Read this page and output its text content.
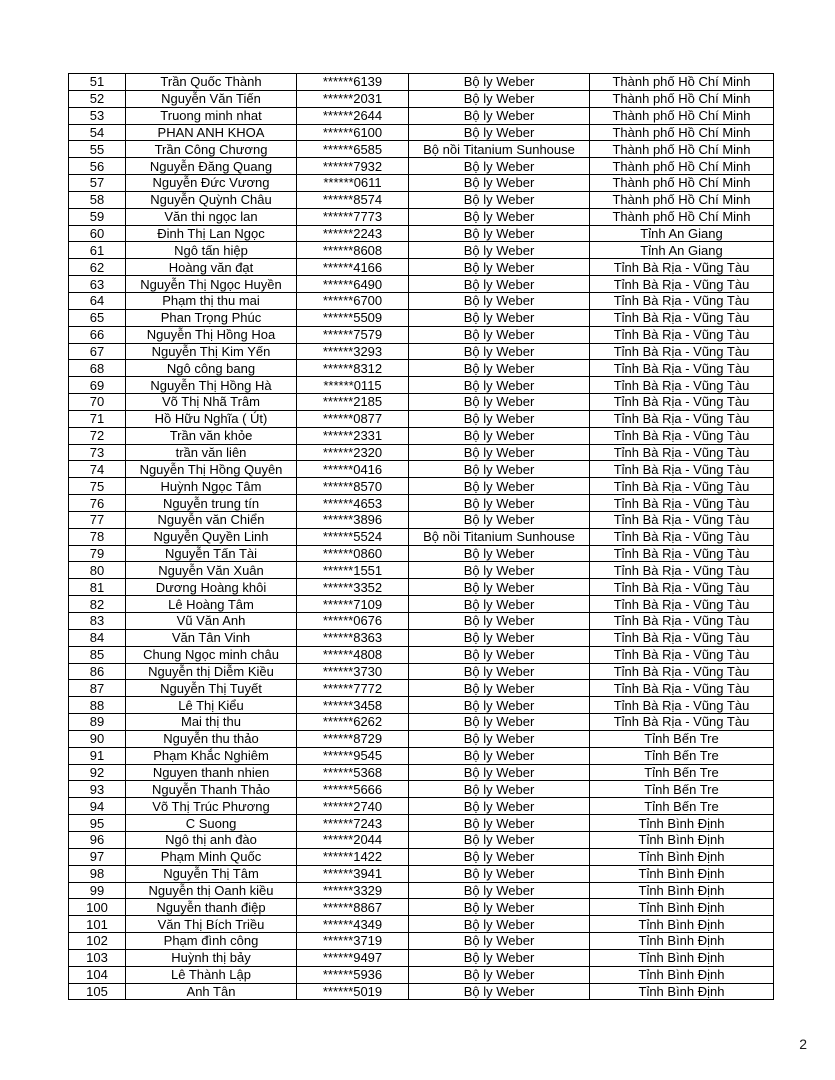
51	Trần Quốc Thành	******6139	Bộ ly Weber	Thành phố Hồ Chí Minh
52	Nguyễn Văn Tiến	******2031	Bộ ly Weber	Thành phố Hồ Chí Minh
53	Truong minh nhat	******2644	Bộ ly Weber	Thành phố Hồ Chí Minh
54	PHAN ANH KHOA	******6100	Bộ ly Weber	Thành phố Hồ Chí Minh
55	Trần Công Chương	******6585	Bộ nồi Titanium Sunhouse	Thành phố Hồ Chí Minh
56	Nguyễn Đăng Quang	******7932	Bộ ly Weber	Thành phố Hồ Chí Minh
57	Nguyễn Đức Vương	******0611	Bộ ly Weber	Thành phố Hồ Chí Minh
58	Nguyễn Quỳnh Châu	******8574	Bộ ly Weber	Thành phố Hồ Chí Minh
59	Văn thi ngọc lan	******7773	Bộ ly Weber	Thành phố Hồ Chí Minh
60	Đinh Thị Lan Ngọc	******2243	Bộ ly Weber	Tỉnh An Giang
61	Ngô tấn hiệp	******8608	Bộ ly Weber	Tỉnh An Giang
62	Hoàng văn đạt	******4166	Bộ ly Weber	Tỉnh Bà Rịa - Vũng Tàu
63	Nguyễn Thị Ngọc Huyền	******6490	Bộ ly Weber	Tỉnh Bà Rịa - Vũng Tàu
64	Phạm thị thu mai	******6700	Bộ ly Weber	Tỉnh Bà Rịa - Vũng Tàu
65	Phan Trọng Phúc	******5509	Bộ ly Weber	Tỉnh Bà Rịa - Vũng Tàu
66	Nguyễn Thị Hồng Hoa	******7579	Bộ ly Weber	Tỉnh Bà Rịa - Vũng Tàu
67	Nguyễn Thị Kim Yến	******3293	Bộ ly Weber	Tỉnh Bà Rịa - Vũng Tàu
68	Ngô công bang	******8312	Bộ ly Weber	Tỉnh Bà Rịa - Vũng Tàu
69	Nguyễn Thị Hồng Hà	******0115	Bộ ly Weber	Tỉnh Bà Rịa - Vũng Tàu
70	Võ Thị Nhã Trâm	******2185	Bộ ly Weber	Tỉnh Bà Rịa - Vũng Tàu
71	Hồ Hữu Nghĩa ( Út)	******0877	Bộ ly Weber	Tỉnh Bà Rịa - Vũng Tàu
72	Trần văn khỏe	******2331	Bộ ly Weber	Tỉnh Bà Rịa - Vũng Tàu
73	trần văn liên	******2320	Bộ ly Weber	Tỉnh Bà Rịa - Vũng Tàu
74	Nguyễn Thị Hồng Quyên	******0416	Bộ ly Weber	Tỉnh Bà Rịa - Vũng Tàu
75	Huỳnh Ngọc Tâm	******8570	Bộ ly Weber	Tỉnh Bà Rịa - Vũng Tàu
76	Nguyễn trung tín	******4653	Bộ ly Weber	Tỉnh Bà Rịa - Vũng Tàu
77	Nguyễn văn Chiển	******3896	Bộ ly Weber	Tỉnh Bà Rịa - Vũng Tàu
78	Nguyễn Quyền Linh	******5524	Bộ nồi Titanium Sunhouse	Tỉnh Bà Rịa - Vũng Tàu
79	Nguyễn Tấn Tài	******0860	Bộ ly Weber	Tỉnh Bà Rịa - Vũng Tàu
80	Nguyễn Văn Xuân	******1551	Bộ ly Weber	Tỉnh Bà Rịa - Vũng Tàu
81	Dương Hoàng khôi	******3352	Bộ ly Weber	Tỉnh Bà Rịa - Vũng Tàu
82	Lê Hoàng Tâm	******7109	Bộ ly Weber	Tỉnh Bà Rịa - Vũng Tàu
83	Vũ Văn Anh	******0676	Bộ ly Weber	Tỉnh Bà Rịa - Vũng Tàu
84	Văn Tân Vinh	******8363	Bộ ly Weber	Tỉnh Bà Rịa - Vũng Tàu
85	Chung Ngọc minh châu	******4808	Bộ ly Weber	Tỉnh Bà Rịa - Vũng Tàu
86	Nguyễn thị Diễm Kiều	******3730	Bộ ly Weber	Tỉnh Bà Rịa - Vũng Tàu
87	Nguyễn Thị Tuyết	******7772	Bộ ly Weber	Tỉnh Bà Rịa - Vũng Tàu
88	Lê Thị Kiểu	******3458	Bộ ly Weber	Tỉnh Bà Rịa - Vũng Tàu
89	Mai thị thu	******6262	Bộ ly Weber	Tỉnh Bà Rịa - Vũng Tàu
90	Nguyễn thu thảo	******8729	Bộ ly Weber	Tỉnh Bến Tre
91	Phạm Khắc Nghiêm	******9545	Bộ ly Weber	Tỉnh Bến Tre
92	Nguyen thanh nhien	******5368	Bộ ly Weber	Tỉnh Bến Tre
93	Nguyễn Thanh Thảo	******5666	Bộ ly Weber	Tỉnh Bến Tre
94	Võ Thị Trúc Phương	******2740	Bộ ly Weber	Tỉnh Bến Tre
95	C Suong	******7243	Bộ ly Weber	Tỉnh Bình Định
96	Ngô thị anh đào	******2044	Bộ ly Weber	Tỉnh Bình Định
97	Phạm Minh Quốc	******1422	Bộ ly Weber	Tỉnh Bình Định
98	Nguyễn Thị Tâm	******3941	Bộ ly Weber	Tỉnh Bình Định
99	Nguyễn thị Oanh kiều	******3329	Bộ ly Weber	Tỉnh Bình Định
100	Nguyễn thanh điệp	******8867	Bộ ly Weber	Tỉnh Bình Định
101	Văn Thị Bích Triều	******4349	Bộ ly Weber	Tỉnh Bình Định
102	Phạm đình công	******3719	Bộ ly Weber	Tỉnh Bình Định
103	Huỳnh thị bảy	******9497	Bộ ly Weber	Tỉnh Bình Định
104	Lê Thành Lập	******5936	Bộ ly Weber	Tỉnh Bình Định
105	Anh Tân	******5019	Bộ ly Weber	Tỉnh Bình Định
2
